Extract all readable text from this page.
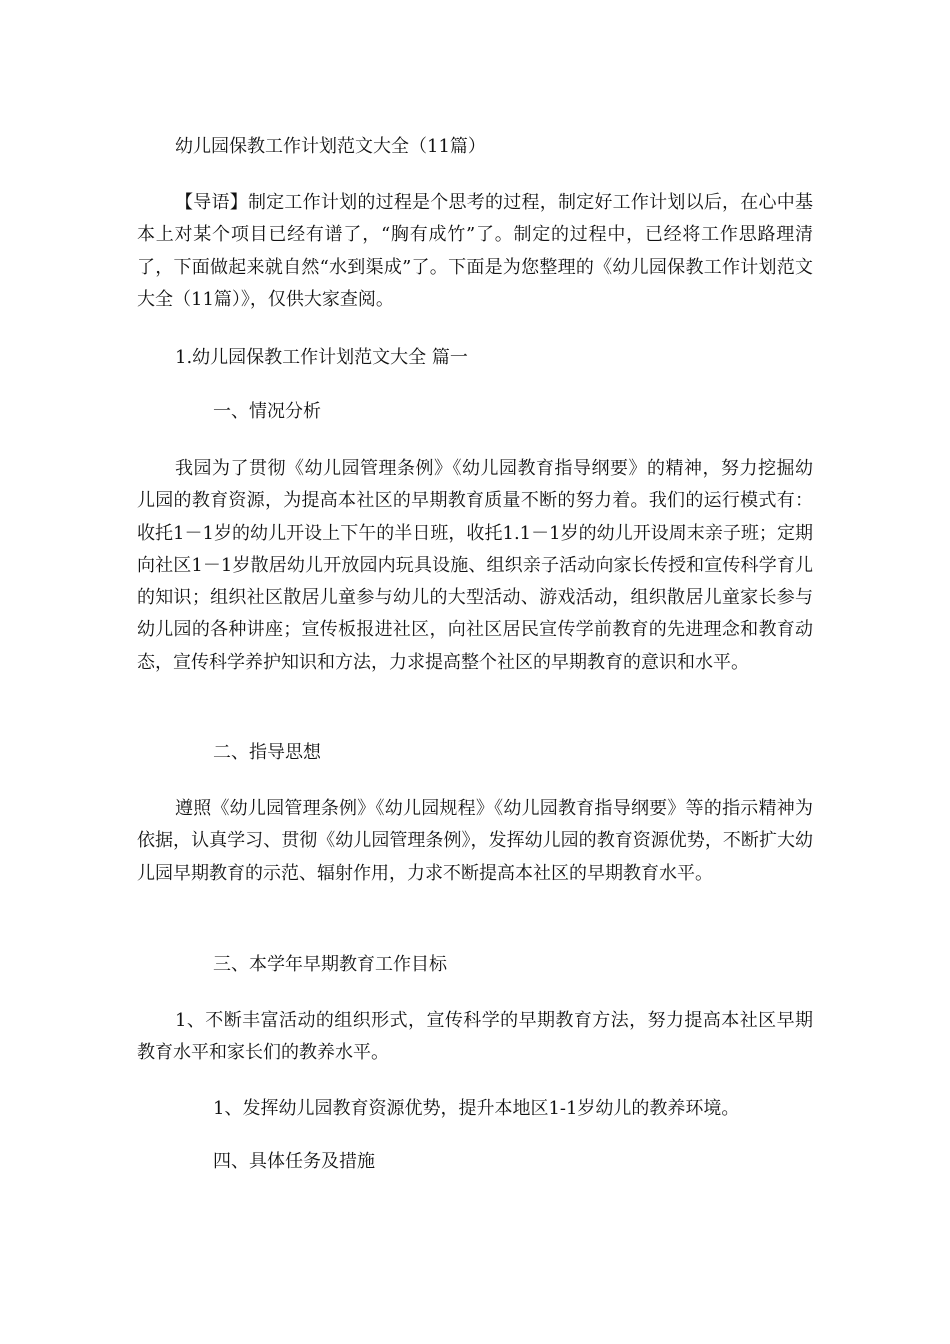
幼儿园保教工作计划范文大全（11篇）
【导语】制定工作计划的过程是个思考的过程，制定好工作计划以后，在心中基本上对某个项目已经有谱了，“胸有成竹”了。制定的过程中，已经将工作思路理清了，下面做起来就自然“水到渠成”了。下面是为您整理的《幼儿园保教工作计划范文大全（11篇）》，仅供大家查阅。
1.幼儿园保教工作计划范文大全 篇一
一、情况分析
我园为了贯彻《幼儿园管理条例》《幼儿园教育指导纲要》的精神，努力挖掘幼儿园的教育资源，为提高本社区的早期教育质量不断的努力着。我们的运行模式有：收托1－1岁的幼儿开设上下午的半日班，收托1.1－1岁的幼儿开设周末亲子班；定期向社区1－1岁散居幼儿开放园内玩具设施、组织亲子活动向家长传授和宣传科学育儿的知识；组织社区散居儿童参与幼儿的大型活动、游戏活动，组织散居儿童家长参与幼儿园的各种讲座；宣传板报进社区，向社区居民宣传学前教育的先进理念和教育动态，宣传科学养护知识和方法，力求提高整个社区的早期教育的意识和水平。
二、指导思想
遵照《幼儿园管理条例》《幼儿园规程》《幼儿园教育指导纲要》等的指示精神为依据，认真学习、贯彻《幼儿园管理条例》，发挥幼儿园的教育资源优势，不断扩大幼儿园早期教育的示范、辐射作用，力求不断提高本社区的早期教育水平。
三、本学年早期教育工作目标
1、不断丰富活动的组织形式，宣传科学的早期教育方法，努力提高本社区早期教育水平和家长们的教养水平。
1、发挥幼儿园教育资源优势，提升本地区1-1岁幼儿的教养环境。
四、具体任务及措施
